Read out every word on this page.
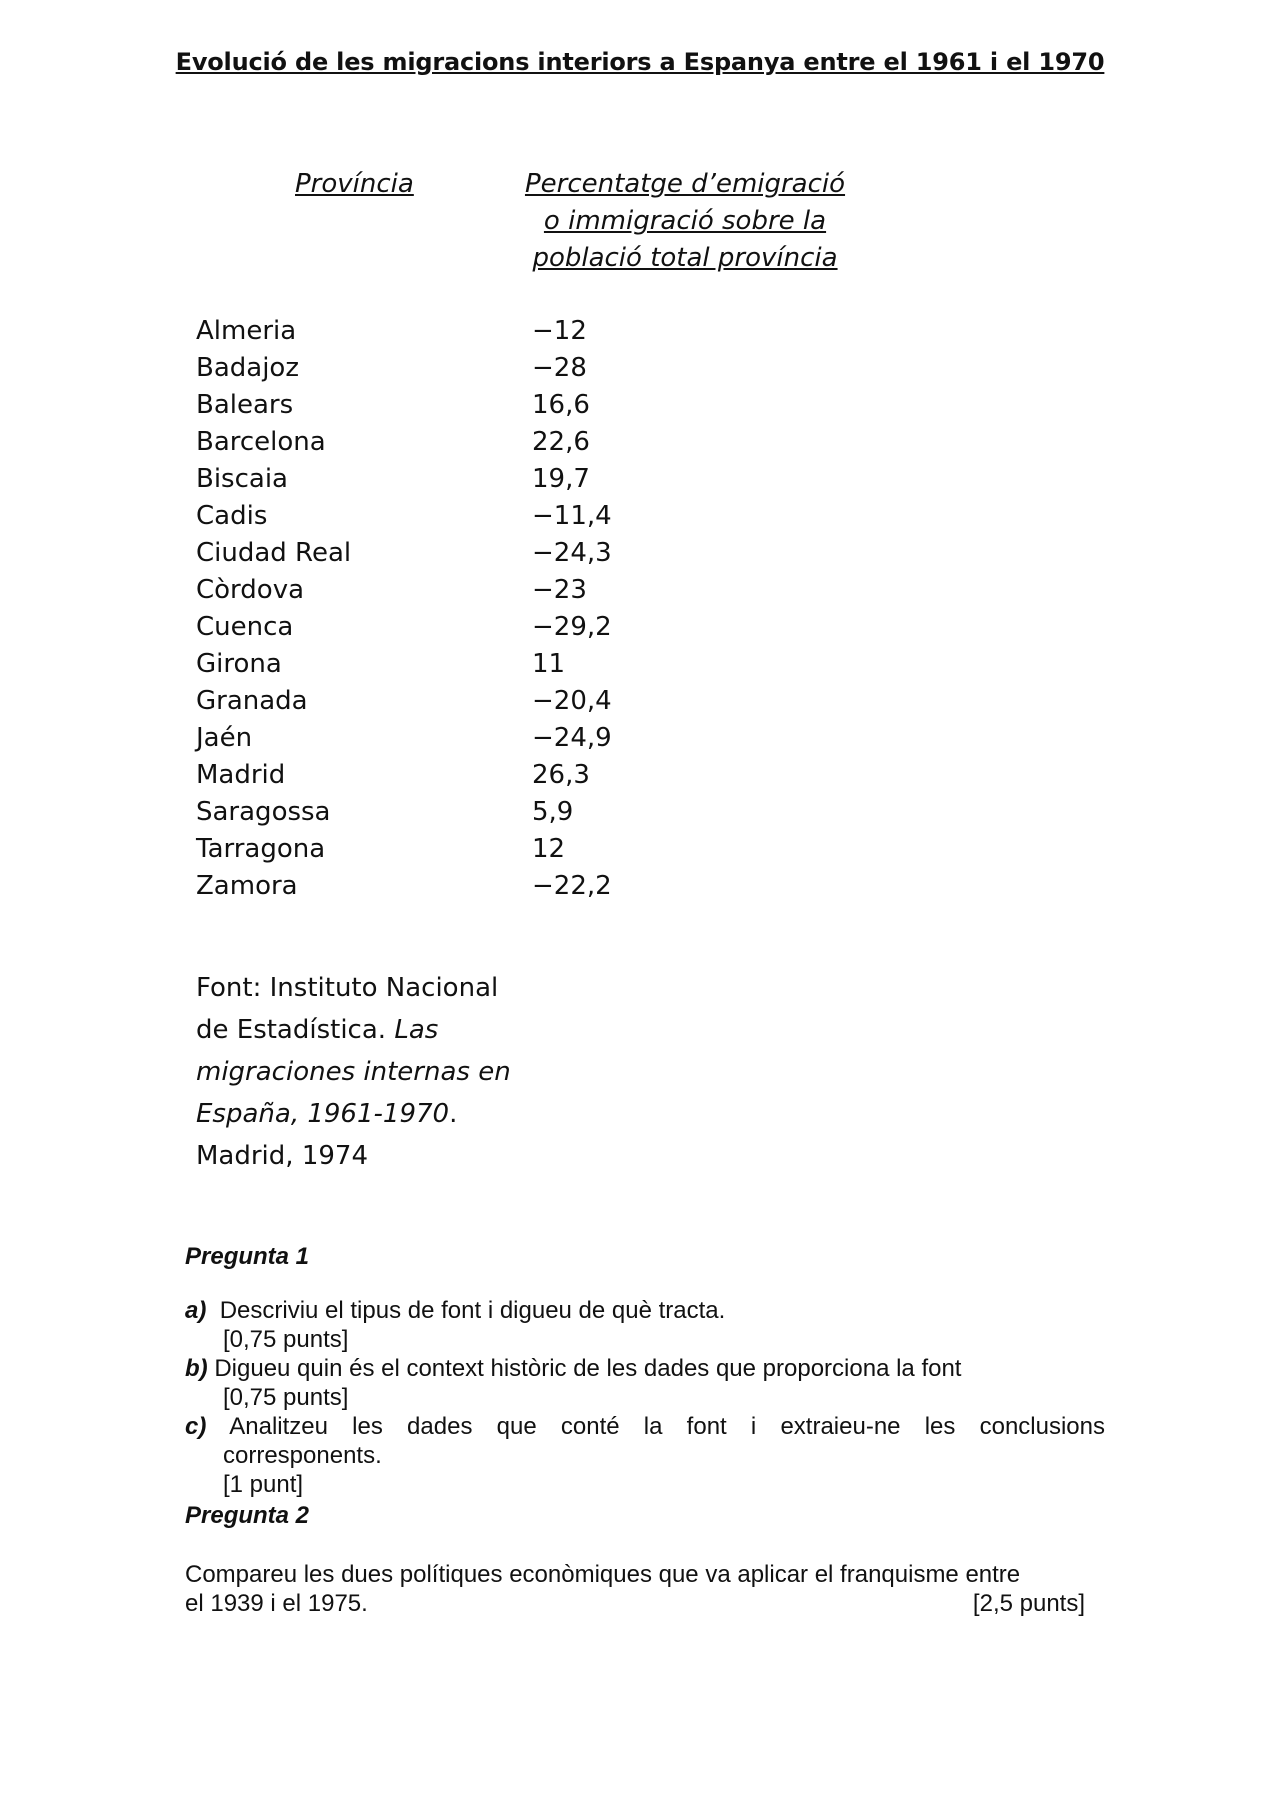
Evolució de les migracions interiors a Espanya entre el 1961 i el 1970
Província	Percentatge d’emigració
o immigració sobre la
població total província
Almeria	−12
Badajoz	−28
Balears	16,6
Barcelona	22,6
Biscaia	19,7
Cadis	−11,4
Ciudad Real	−24,3
Còrdova	−23
Cuenca	−29,2
Girona	11
Granada	−20,4
Jaén	−24,9
Madrid	26,3
Saragossa	5,9
Tarragona	12
Zamora	−22,2
Font: Instituto Nacional
de Estadística. Las
migraciones internas en
España, 1961-1970.
Madrid, 1974
Pregunta 1
a) Descriviu el tipus de font i digueu de què tracta.
[0,75 punts]
b) Digueu quin és el context històric de les dades que proporciona la font
[0,75 punts]
c) Analitzeu les dades que conté la font i extraieu-ne les conclusions
corresponents.
[1 punt]
Pregunta 2
Compareu les dues polítiques econòmiques que va aplicar el franquisme entre
el 1939 i el 1975.	[2,5 punts]
